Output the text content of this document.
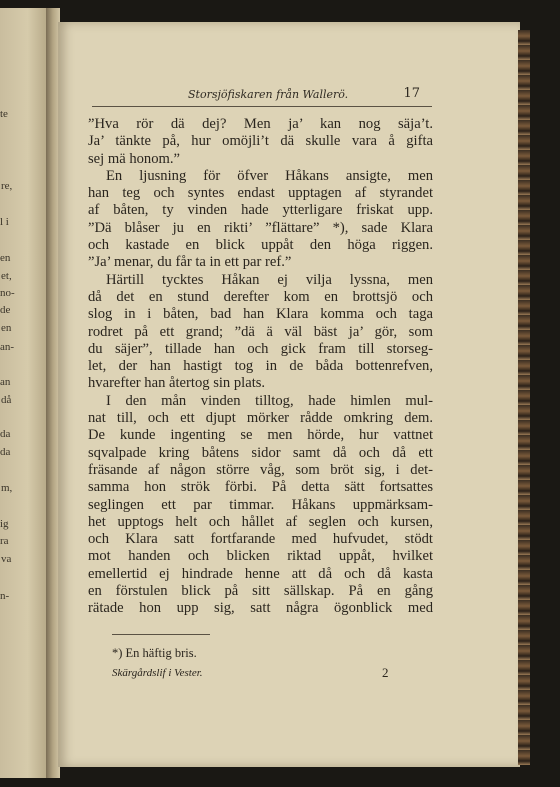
te
re,
l i
en
et,
no-
de
en
an-
an
då
da
da
m,
ig
ra
va
n-
Storsjöfiskaren från Wallerö.	17
”Hva rör dä dej? Men ja’ kan nog säja’t.
Ja’ tänkte på, hur omöjli’t dä skulle vara å gifta
sej mä honom.”
En ljusning för öfver Håkans ansigte, men
han teg och syntes endast upptagen af styrandet
af båten, ty vinden hade ytterligare friskat upp.
”Dä blåser ju en rikti’ ”flättare” *), sade Klara
och kastade en blick uppåt den höga riggen.
”Ja’ menar, du får ta in ett par ref.”
Härtill tycktes Håkan ej vilja lyssna, men
då det en stund derefter kom en brottsjö och
slog in i båten, bad han Klara komma och taga
rodret på ett grand; ”dä ä väl bäst ja’ gör, som
du säjer”, tillade han och gick fram till storseg-
let, der han hastigt tog in de båda bottenrefven,
hvarefter han återtog sin plats.
I den mån vinden tilltog, hade himlen mul-
nat till, och ett djupt mörker rådde omkring dem.
De kunde ingenting se men hörde, hur vattnet
sqvalpade kring båtens sidor samt då och då ett
fräsande af någon större våg, som bröt sig, i det-
samma hon strök förbi. På detta sätt fortsattes
seglingen ett par timmar. Håkans uppmärksam-
het upptogs helt och hållet af seglen och kursen,
och Klara satt fortfarande med hufvudet, stödt
mot handen och blicken riktad uppåt, hvilket
emellertid ej hindrade henne att då och då kasta
en förstulen blick på sitt sällskap. På en gång
rätade hon upp sig, satt några ögonblick med
*) En häftig bris.
Skärgårdslif i Vester.	2
